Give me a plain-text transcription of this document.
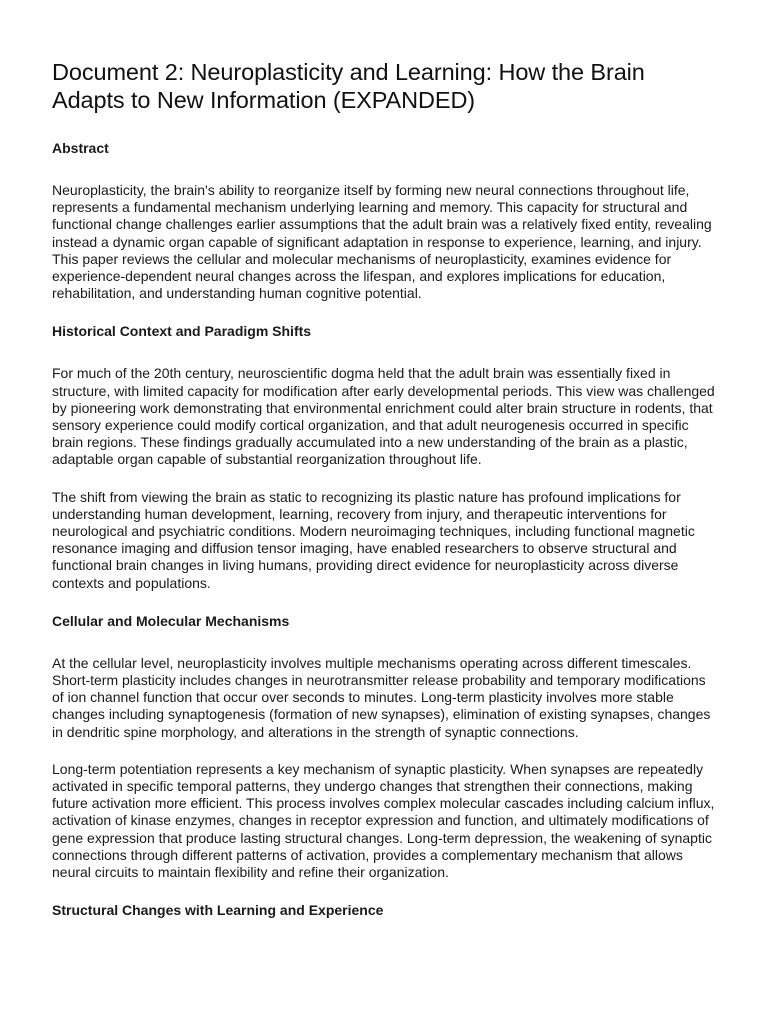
Document 2: Neuroplasticity and Learning: How the Brain Adapts to New Information (EXPANDED)
Abstract

Neuroplasticity, the brain's ability to reorganize itself by forming new neural connections throughout life, represents a fundamental mechanism underlying learning and memory. This capacity for structural and functional change challenges earlier assumptions that the adult brain was a relatively fixed entity, revealing instead a dynamic organ capable of significant adaptation in response to experience, learning, and injury. This paper reviews the cellular and molecular mechanisms of neuroplasticity, examines evidence for experience-dependent neural changes across the lifespan, and explores implications for education, rehabilitation, and understanding human cognitive potential.

Historical Context and Paradigm Shifts

For much of the 20th century, neuroscientific dogma held that the adult brain was essentially fixed in structure, with limited capacity for modification after early developmental periods. This view was challenged by pioneering work demonstrating that environmental enrichment could alter brain structure in rodents, that sensory experience could modify cortical organization, and that adult neurogenesis occurred in specific brain regions. These findings gradually accumulated into a new understanding of the brain as a plastic, adaptable organ capable of substantial reorganization throughout life.

The shift from viewing the brain as static to recognizing its plastic nature has profound implications for understanding human development, learning, recovery from injury, and therapeutic interventions for neurological and psychiatric conditions. Modern neuroimaging techniques, including functional magnetic resonance imaging and diffusion tensor imaging, have enabled researchers to observe structural and functional brain changes in living humans, providing direct evidence for neuroplasticity across diverse contexts and populations.

Cellular and Molecular Mechanisms

At the cellular level, neuroplasticity involves multiple mechanisms operating across different timescales. Short-term plasticity includes changes in neurotransmitter release probability and temporary modifications of ion channel function that occur over seconds to minutes. Long-term plasticity involves more stable changes including synaptogenesis (formation of new synapses), elimination of existing synapses, changes in dendritic spine morphology, and alterations in the strength of synaptic connections.

Long-term potentiation represents a key mechanism of synaptic plasticity. When synapses are repeatedly activated in specific temporal patterns, they undergo changes that strengthen their connections, making future activation more efficient. This process involves complex molecular cascades including calcium influx, activation of kinase enzymes, changes in receptor expression and function, and ultimately modifications of gene expression that produce lasting structural changes. Long-term depression, the weakening of synaptic connections through different patterns of activation, provides a complementary mechanism that allows neural circuits to maintain flexibility and refine their organization.

Structural Changes with Learning and Experience
